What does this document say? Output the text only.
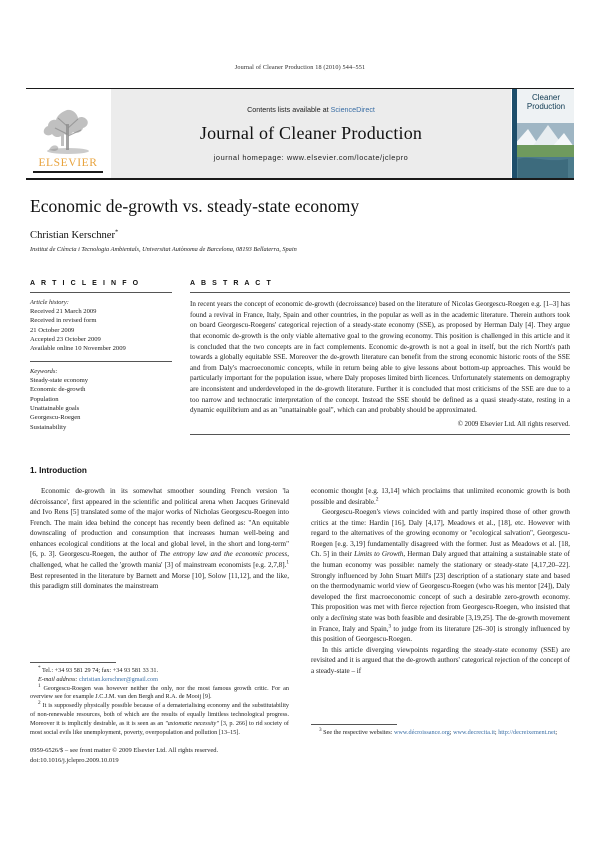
Journal of Cleaner Production 18 (2010) 544–551
ELSEVIER
Contents lists available at ScienceDirect
Journal of Cleaner Production
journal homepage: www.elsevier.com/locate/jclepro
Cleaner
Production
Economic de-growth vs. steady-state economy
Christian Kerschner*
Institut de Ciència i Tecnologia Ambientals, Universitat Autònoma de Barcelona, 08193 Bellaterra, Spain
A R T I C L E I N F O
Article history:
Received 21 March 2009
Received in revised form
21 October 2009
Accepted 23 October 2009
Available online 10 November 2009
Keywords:
Steady-state economy
Economic de-growth
Population
Unattainable goals
Georgescu-Roegen
Sustainability
A B S T R A C T
In recent years the concept of economic de-growth (decroissance) based on the literature of Nicolas Georgescu-Roegen e.g. [1–3] has found a revival in France, Italy, Spain and other countries, in the popular as well as in the academic literature. Therein authors took on board Georgescu-Roegens' categorical rejection of a steady-state economy (SSE), as proposed by Herman Daly [4]. They argue that economic de-growth is the only viable alternative goal to the growing economy. This position is challenged in this article and it is concluded that the two concepts are in fact complements. Economic de-growth is not a goal in itself, but the rich North's path towards a globally equitable SSE. Moreover the de-growth literature can benefit from the strong economic historic roots of the SSE and from Daly's macroeconomic concepts, while in return being able to give lessons about bottom-up approaches. This would be particularly important for the population issue, where Daly proposes limited birth licences. Unfortunately statements on demography are inconsistent and underdeveloped in the de-growth literature. Further it is concluded that most criticisms of the SSE are due to a too narrow and technocratic interpretation of the concept. Instead the SSE should be defined as a quasi steady-state, resting in a dynamic equilibrium and as an "unattainable goal", which can and probably should be approximated.
© 2009 Elsevier Ltd. All rights reserved.
1. Introduction

Economic de-growth in its somewhat smoother sounding French version 'la décroissance', first appeared in the scientific and political arena when Jacques Grinevald and Ivo Rens [5] translated some of the major works of Nicholas Georgescu-Roegen into French. The main idea behind the concept has recently been defined as: "An equitable downscaling of production and consumption that increases human well-being and enhances ecological conditions at the local and global level, in the short and long-term" [6, p. 3]. Georgescu-Roegen, the author of The entropy law and the economic process, challenged, what he called the 'growth mania' [3] of mainstream economists [e.g. 2,7,8].$^1$ Best represented in the literature by Barnett and Morse [10], Solow [11,12], and the like, this paradigm still dominates the mainstream

economic thought [e.g. 13,14] which proclaims that unlimited economic growth is both possible and desirable.$^2$

Georgescu-Roegen's views coincided with and partly inspired those of other growth critics at the time: Hardin [16], Daly [4,17], Meadows et al., [18], etc. However with regard to the alternatives of the growing economy or "ecological salvation", Georgescu-Roegen [e.g. 3,19] fundamentally disagreed with the former. Just as Meadows et al. [18, Ch. 5] in their Limits to Growth, Herman Daly argued that attaining a sustainable state of the human economy was possible: namely the stationary or steady-state [4,17,20–22]. Strongly influenced by John Stuart Mill's [23] description of a stationary state and based on the thermodynamic world view of Georgescu-Roegen (who was his mentor [24]), Daly developed the first macroeconomic concept of such a desirable zero-growth economy. This proposition was met with fierce rejection from Georgescu-Roegen, who insisted that only a declining state was both feasible and desirable [3,19,25]. The de-growth movement in France, Italy and Spain,$^3$ to judge from its literature [26–30] is strongly influenced by this position of Georgescu-Roegen.

In this article diverging viewpoints regarding the steady-state economy (SSE) are revisited and it is argued that the de-growth authors' categorical rejection of the concept of a steady-state – if

* Tel.: +34 93 581 29 74; fax: +34 93 581 33 31.

E-mail address: christian.kerschner@gmail.com

$^1$ Georgescu-Roegen was however neither the only, nor the most famous growth critic. For an overview see for example J.C.J.M. van den Bergh and R.A. de Mooij [9].

$^2$ It is supposedly physically possible because of a dematerialising economy and the substitutability of non-renewable resources, both of which are the results of equally limitless technological progress. Moreover it is implicitly desirable, as it is seen as an "axiomatic necessity" [3, p. 266] to rid society of most social evils like unemployment, poverty, overpopulation and pollution [13–15].

0959-6526/$ – see front matter © 2009 Elsevier Ltd. All rights reserved.
doi:10.1016/j.jclepro.2009.10.019

$^3$ See the respective websites: www.décroissance.org; www.decrecita.it; http://decreixement.net;
